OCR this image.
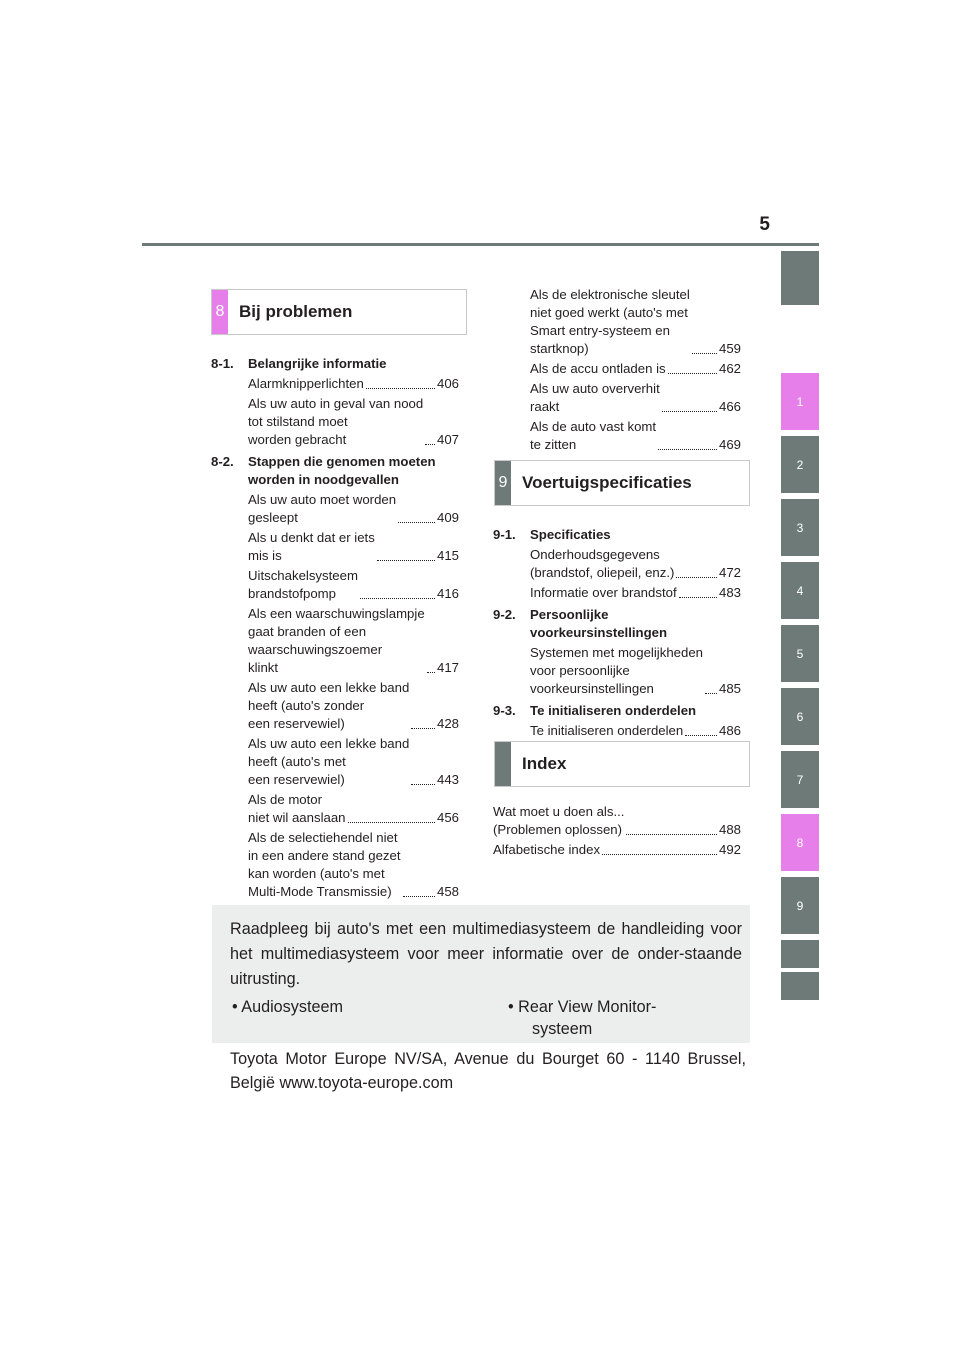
5
1
2
3
4
5
6
7
8
9
8 Bij problemen
8-1.	Belangrijke informatie
Alarmknipperlichten	406
Als uw auto in geval van nood
tot stilstand moet
worden gebracht	407
8-2.	Stappen die genomen moeten
worden in noodgevallen
Als uw auto moet worden
gesleept	409
Als u denkt dat er iets
mis is	415
Uitschakelsysteem
brandstofpomp	416
Als een waarschuwingslampje
gaat branden of een
waarschuwingszoemer
klinkt	417
Als uw auto een lekke band
heeft (auto's zonder
een reservewiel)	428
Als uw auto een lekke band
heeft (auto's met
een reservewiel)	443
Als de motor
niet wil aanslaan	456
Als de selectiehendel niet
in een andere stand gezet
kan worden (auto's met
Multi-Mode Transmissie)	458
Als de elektronische sleutel
niet goed werkt (auto's met
Smart entry-systeem en
startknop)	459
Als de accu ontladen is	462
Als uw auto oververhit
raakt	466
Als de auto vast komt
te zitten	469
9 Voertuigspecificaties
9-1.	Specificaties
Onderhoudsgegevens
(brandstof, oliepeil, enz.)	472
Informatie over brandstof	483
9-2.	Persoonlijke
voorkeursinstellingen
Systemen met mogelijkheden
voor persoonlijke
voorkeursinstellingen	485
9-3.	Te initialiseren onderdelen
Te initialiseren onderdelen	486
Index
Wat moet u doen als...
(Problemen oplossen)	488
Alfabetische index	492
Raadpleeg bij auto's met een multimediasysteem de handleiding voor het multimediasysteem voor meer informatie over de onder-staande uitrusting.
• Audiosysteem	• Rear View Monitor-
systeem
Toyota Motor Europe NV/SA, Avenue du Bourget 60 - 1140 Brussel, België www.toyota-europe.com
